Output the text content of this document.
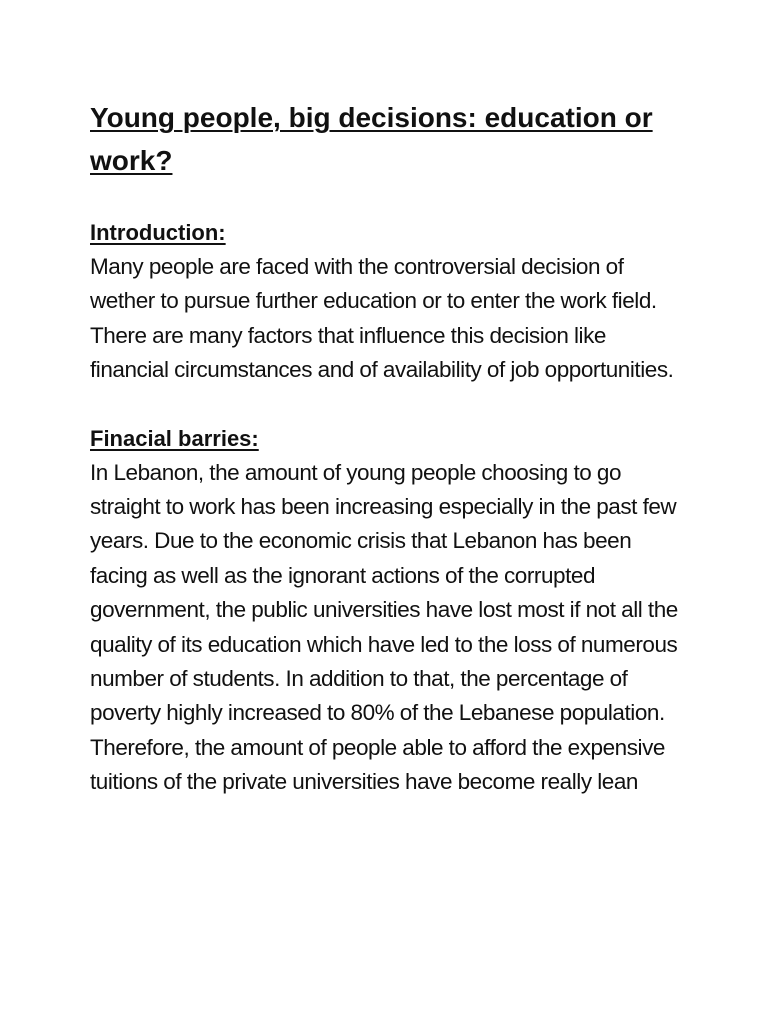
Young people, big decisions: education or work?
Introduction:

Many people are faced with the controversial decision of wether to pursue further education or to enter the work field. There are many factors that influence this decision like financial circumstances and of availability of job opportunities.

Finacial barries:

In Lebanon, the amount of young people choosing to go straight to work has been increasing especially in the past few years. Due to the economic crisis that Lebanon has been facing as well as the ignorant actions of the corrupted government, the public universities have lost most if not all the quality of its education which have led to the loss of numerous number of students. In addition to that, the percentage of poverty highly increased to 80% of the Lebanese population. Therefore, the amount of people able to afford the expensive tuitions of the private universities have become really lean
